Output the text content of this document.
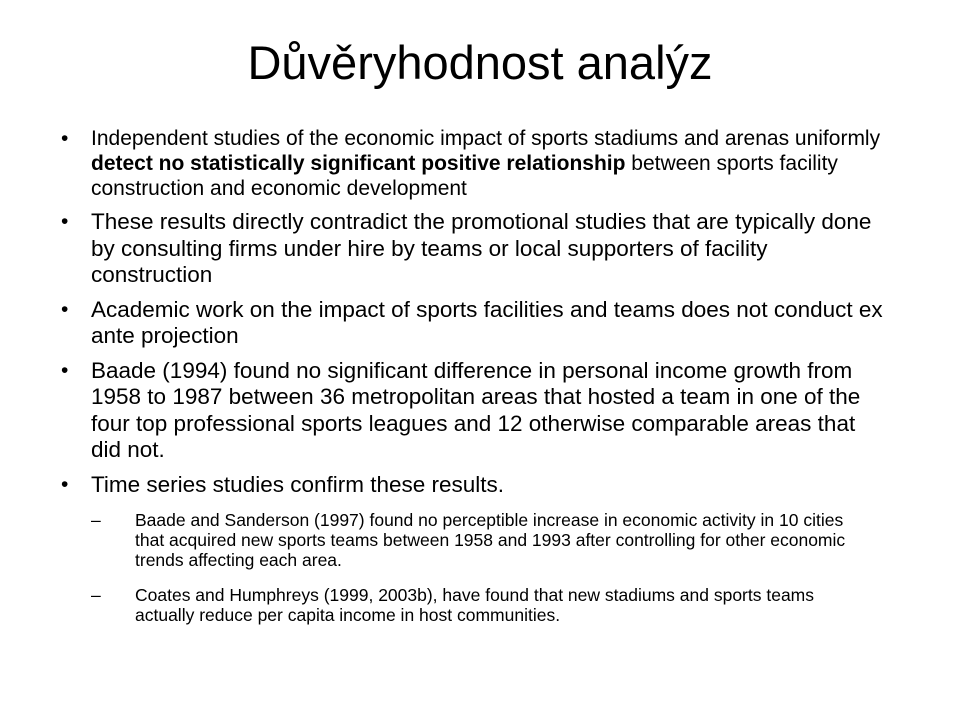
Důvěryhodnost analýz
• Independent studies of the economic impact of sports stadiums and arenas uniformly detect no statistically significant positive relationship between sports facility construction and economic development
• These results directly contradict the promotional studies that are typically done by consulting firms under hire by teams or local supporters of facility construction
• Academic work on the impact of sports facilities and teams does not conduct ex ante projection
• Baade (1994) found no significant difference in personal income growth from 1958 to 1987 between 36 metropolitan areas that hosted a team in one of the four top professional sports leagues and 12 otherwise comparable areas that did not.
• Time series studies confirm these results.
– Baade and Sanderson (1997) found no perceptible increase in economic activity in 10 cities that acquired new sports teams between 1958 and 1993 after controlling for other economic trends affecting each area.
– Coates and Humphreys (1999, 2003b), have found that new stadiums and sports teams actually reduce per capita income in host communities.
